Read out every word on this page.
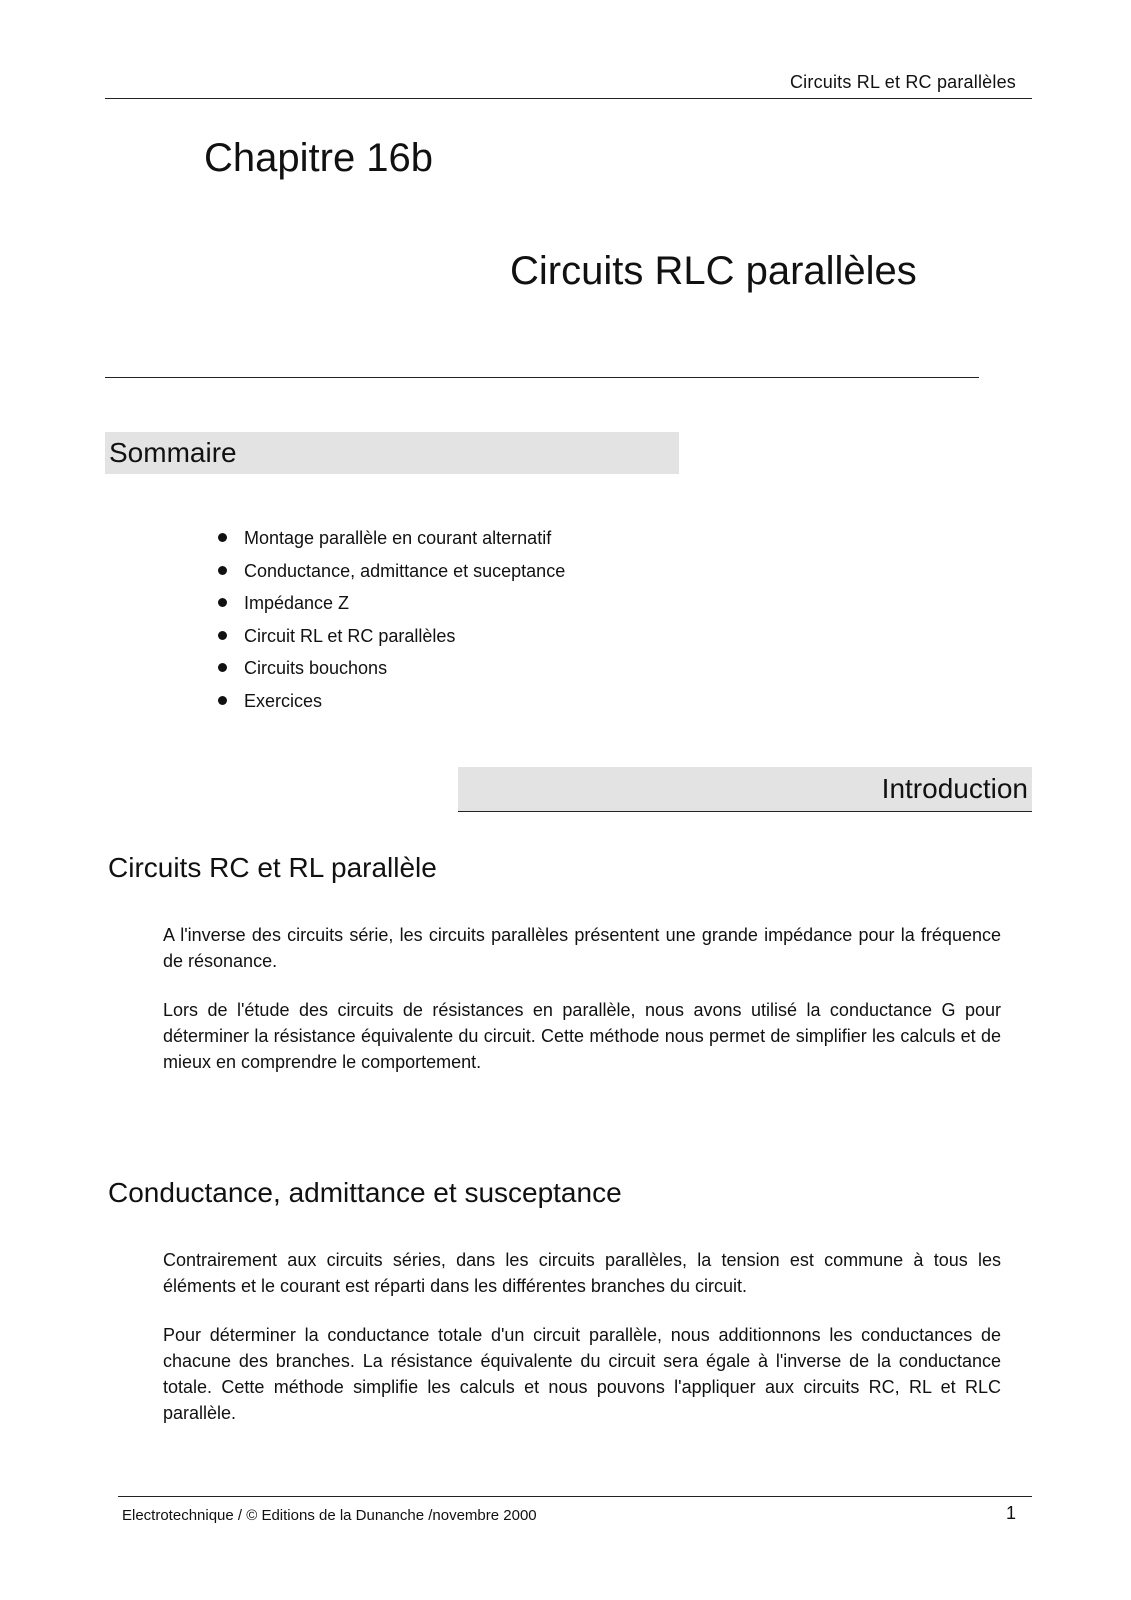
Circuits RL et RC parallèles
Chapitre 16b
Circuits RLC parallèles
Sommaire
Montage parallèle en courant alternatif
Conductance, admittance et suceptance
Impédance Z
Circuit RL et RC parallèles
Circuits bouchons
Exercices
Introduction
Circuits RC et RL parallèle

A l'inverse des circuits série, les circuits parallèles présentent une grande impédance pour la fréquence de résonance.

Lors de l'étude des circuits de résistances en parallèle, nous avons utilisé la conductance G pour déterminer la résistance équivalente du circuit. Cette méthode nous permet de simplifier les calculs et de mieux en comprendre le comportement.

Conductance, admittance et susceptance

Contrairement aux circuits séries, dans les circuits parallèles, la tension est commune à tous les éléments et le courant est réparti dans les différentes branches du circuit.

Pour déterminer la conductance totale d'un circuit parallèle, nous additionnons les conductances de chacune des branches. La résistance équivalente du circuit sera égale à l'inverse de la conductance totale. Cette méthode simplifie les calculs et nous pouvons l'appliquer aux circuits RC, RL et RLC parallèle.

Electrotechnique / © Editions de la Dunanche /novembre 2000	1
